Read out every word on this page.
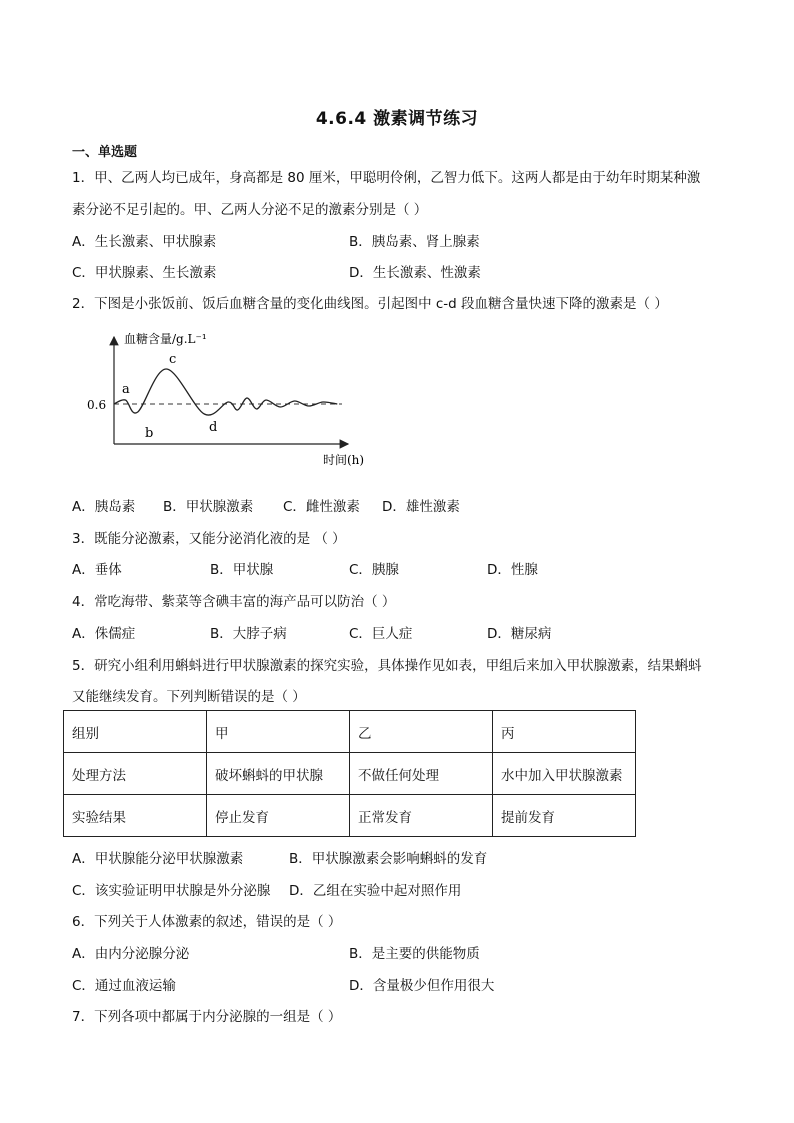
4.6.4 激素调节练习
一、单选题
1．甲、乙两人均已成年，身高都是 80 厘米，甲聪明伶俐，乙智力低下。这两人都是由于幼年时期某种激
素分泌不足引起的。甲、乙两人分泌不足的激素分别是（ ）
A．生长激素、甲状腺素	B．胰岛素、肾上腺素
C．甲状腺素、生长激素	D．生长激素、性激素
2．下图是小张饭前、饭后血糖含量的变化曲线图。引起图中 c-d 段血糖含量快速下降的激素是（ ）
血糖含量/g.L⁻¹
时间(h)
0.6
a
b
c
d
A．胰岛素 B．甲状腺激素 C．雌性激素 D．雄性激素
3．既能分泌激素，又能分泌消化液的是 （ ）
A．垂体	B．甲状腺	C．胰腺	D．性腺
4．常吃海带、紫菜等含碘丰富的海产品可以防治（ ）
A．侏儒症	B．大脖子病	C．巨人症	D．糖尿病
5．研究小组利用蝌蚪进行甲状腺激素的探究实验，具体操作见如表，甲组后来加入甲状腺激素，结果蝌蚪
又能继续发育。下列判断错误的是（ ）
组别	甲	乙	丙
处理方法	破坏蝌蚪的甲状腺	不做任何处理	水中加入甲状腺激素
实验结果	停止发育	正常发育	提前发育
A．甲状腺能分泌甲状腺激素	B．甲状腺激素会影响蝌蚪的发育
C．该实验证明甲状腺是外分泌腺 D．乙组在实验中起对照作用
6．下列关于人体激素的叙述，错误的是（ ）
A．由内分泌腺分泌	B．是主要的供能物质
C．通过血液运输	D．含量极少但作用很大
7．下列各项中都属于内分泌腺的一组是（ ）
